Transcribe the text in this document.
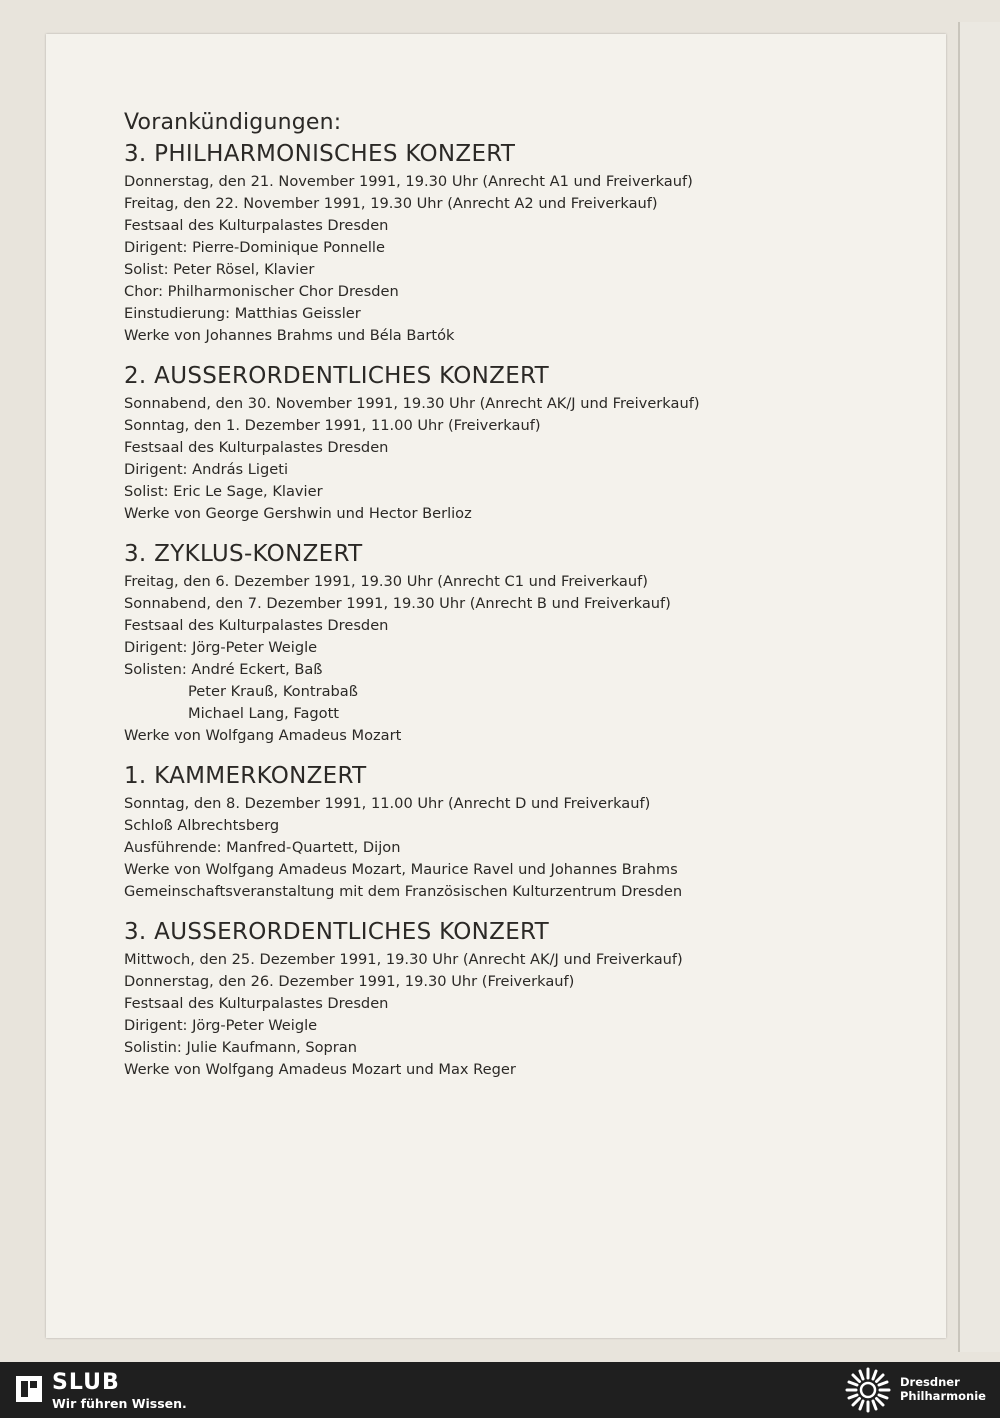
Vorankündigungen:
3. PHILHARMONISCHES KONZERT
Donnerstag, den 21. November 1991, 19.30 Uhr (Anrecht A1 und Freiverkauf)
Freitag, den 22. November 1991, 19.30 Uhr (Anrecht A2 und Freiverkauf)
Festsaal des Kulturpalastes Dresden
Dirigent: Pierre-Dominique Ponnelle
Solist: Peter Rösel, Klavier
Chor: Philharmonischer Chor Dresden
Einstudierung: Matthias Geissler
Werke von Johannes Brahms und Béla Bartók
2. AUSSERORDENTLICHES KONZERT
Sonnabend, den 30. November 1991, 19.30 Uhr (Anrecht AK/J und Freiverkauf)
Sonntag, den 1. Dezember 1991, 11.00 Uhr (Freiverkauf)
Festsaal des Kulturpalastes Dresden
Dirigent: András Ligeti
Solist: Eric Le Sage, Klavier
Werke von George Gershwin und Hector Berlioz
3. ZYKLUS-KONZERT
Freitag, den 6. Dezember 1991, 19.30 Uhr (Anrecht C1 und Freiverkauf)
Sonnabend, den 7. Dezember 1991, 19.30 Uhr (Anrecht B und Freiverkauf)
Festsaal des Kulturpalastes Dresden
Dirigent: Jörg-Peter Weigle
Solisten: André Eckert, Baß
Peter Krauß, Kontrabaß
Michael Lang, Fagott
Werke von Wolfgang Amadeus Mozart
1. KAMMERKONZERT
Sonntag, den 8. Dezember 1991, 11.00 Uhr (Anrecht D und Freiverkauf)
Schloß Albrechtsberg
Ausführende: Manfred-Quartett, Dijon
Werke von Wolfgang Amadeus Mozart, Maurice Ravel und Johannes Brahms
Gemeinschaftsveranstaltung mit dem Französischen Kulturzentrum Dresden
3. AUSSERORDENTLICHES KONZERT
Mittwoch, den 25. Dezember 1991, 19.30 Uhr (Anrecht AK/J und Freiverkauf)
Donnerstag, den 26. Dezember 1991, 19.30 Uhr (Freiverkauf)
Festsaal des Kulturpalastes Dresden
Dirigent: Jörg-Peter Weigle
Solistin: Julie Kaufmann, Sopran
Werke von Wolfgang Amadeus Mozart und Max Reger
SLUB
Wir führen Wissen.
Dresdner
Philharmonie
